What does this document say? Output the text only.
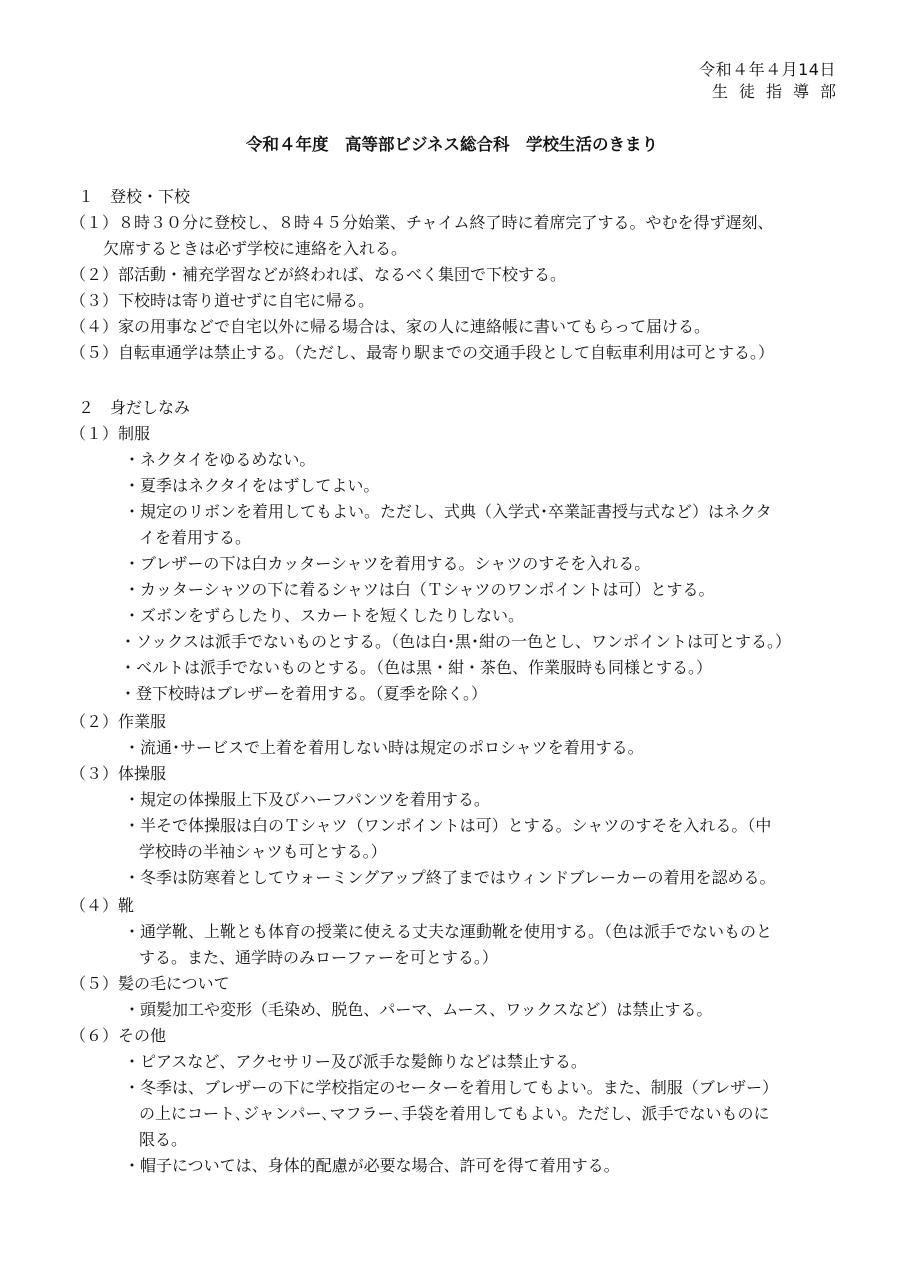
令和４年４月14日
生徒指導部
令和４年度　高等部ビジネス総合科　学校生活のきまり
１　登校・下校
（１）８時３０分に登校し、８時４５分始業、チャイム終了時に着席完了する。やむを得ず遅刻、
欠席するときは必ず学校に連絡を入れる。
（２）部活動・補充学習などが終われば、なるべく集団で下校する。
（３）下校時は寄り道せずに自宅に帰る。
（４）家の用事などで自宅以外に帰る場合は、家の人に連絡帳に書いてもらって届ける。
（５）自転車通学は禁止する。（ただし、最寄り駅までの交通手段として自転車利用は可とする。）
２　身だしなみ
（１）制服
・ネクタイをゆるめない。
・夏季はネクタイをはずしてよい。
・規定のリボンを着用してもよい。ただし、式典（入学式･卒業証書授与式など）はネクタ
イを着用する。
・ブレザーの下は白カッターシャツを着用する。シャツのすそを入れる。
・カッターシャツの下に着るシャツは白（Ｔシャツのワンポイントは可）とする。
・ズボンをずらしたり、スカートを短くしたりしない。
・ソックスは派手でないものとする。（色は白･黒･紺の一色とし、ワンポイントは可とする。）
・ベルトは派手でないものとする。（色は黒・紺・茶色、作業服時も同様とする。）
・登下校時はブレザーを着用する。（夏季を除く。）
（２）作業服
・流通･サービスで上着を着用しない時は規定のポロシャツを着用する。
（３）体操服
・規定の体操服上下及びハーフパンツを着用する。
・半そで体操服は白のＴシャツ（ワンポイントは可）とする。シャツのすそを入れる。（中
学校時の半袖シャツも可とする。）
・冬季は防寒着としてウォーミングアップ終了まではウィンドブレーカーの着用を認める。
（４）靴
・通学靴、上靴とも体育の授業に使える丈夫な運動靴を使用する。（色は派手でないものと
する。また、通学時のみローファーを可とする。）
（５）髪の毛について
・頭髪加工や変形（毛染め、脱色、パーマ、ムース、ワックスなど）は禁止する。
（６）その他
・ピアスなど、アクセサリー及び派手な髪飾りなどは禁止する。
・冬季は、ブレザーの下に学校指定のセーターを着用してもよい。また、制服（ブレザー）
の上にコート､ジャンパー､マフラー､手袋を着用してもよい。ただし、派手でないものに
限る。
・帽子については、身体的配慮が必要な場合、許可を得て着用する。
